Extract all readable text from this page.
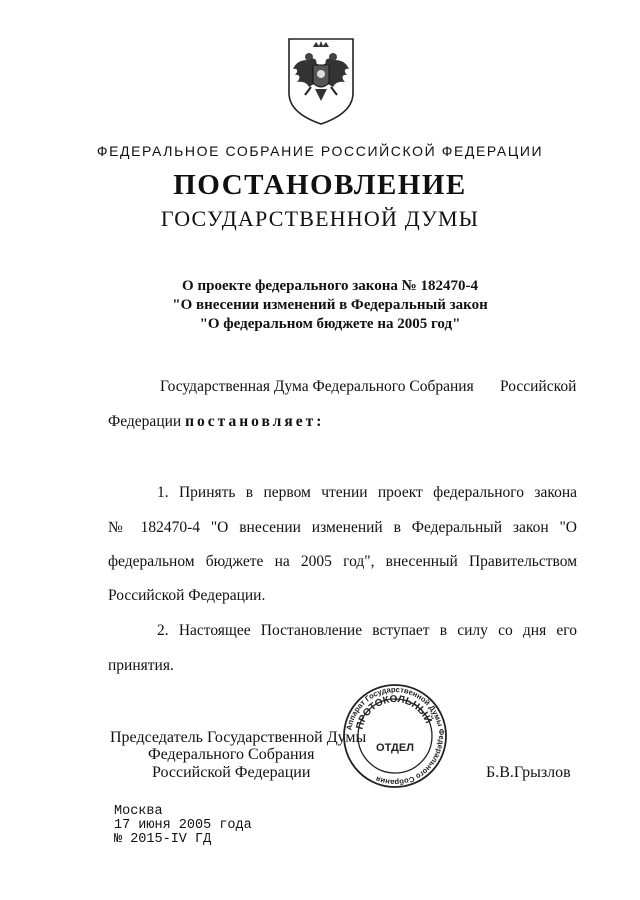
ФЕДЕРАЛЬНОЕ СОБРАНИЕ РОССИЙСКОЙ ФЕДЕРАЦИИ
ПОСТАНОВЛЕНИЕ
ГОСУДАРСТВЕННОЙ ДУМЫ
О проекте федерального закона № 182470-4
"О внесении изменений в Федеральный закон
"О федеральном бюджете на 2005 год"
Государственная Дума Федерального Собрания Российской
Федерации постановляет:
1. Принять в первом чтении проект федерального закона
№ 182470-4 "О внесении изменений в Федеральный закон "О
федеральном бюджете на 2005 год", внесенный Правительством
Российской Федерации.
2. Настоящее Постановление вступает в силу со дня его
принятия.
Председатель Государственной Думы
Федерального Собрания
Российской Федерации	Б.В.Грызлов
Аппарат Государственной Думы Федерального Собрания
ПРОТОКОЛЬНЫЙ
ОТДЕЛ
Москва
17 июня 2005 года
№ 2015-IV ГД
